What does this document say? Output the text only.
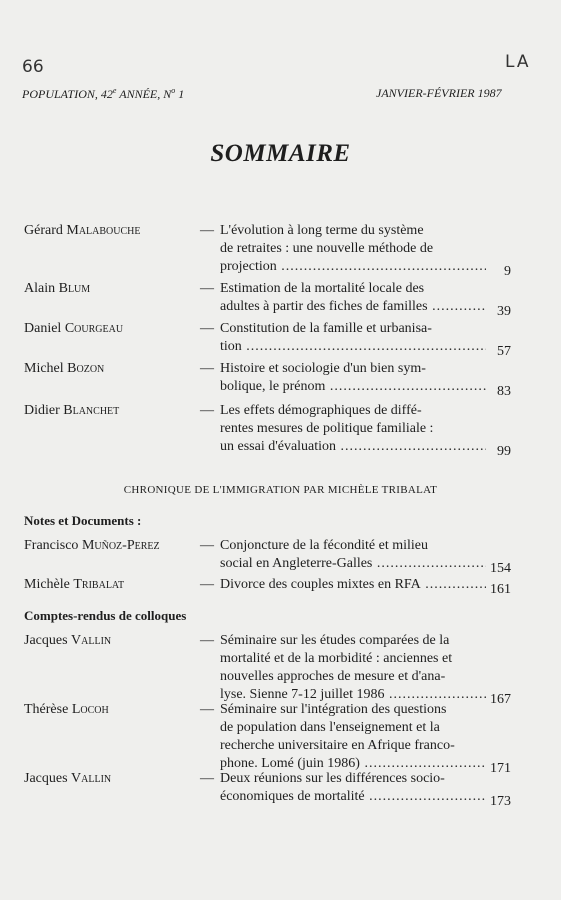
66	LA
POPULATION, 42e ANNÉE, $N^o$ 1	JANVIER-FÉVRIER 1987
SOMMAIRE
Gérard Malabouche	— L'évolution à long terme du système
de retraites : une nouvelle méthode de
projection .....	9
Alain Blum	— Estimation de la mortalité locale des
adultes à partir des fiches de familles .....	39
Daniel Courgeau	— Constitution de la famille et urbanisa-
tion .....	57
Michel Bozon	— Histoire et sociologie d'un bien sym-
bolique, le prénom .....	83
Didier Blanchet	— Les effets démographiques de diffé-
rentes mesures de politique familiale :
un essai d'évaluation .....	99
CHRONIQUE DE L'IMMIGRATION PAR MICHÈLE TRIBALAT
Notes et Documents :
Francisco Muñoz-Perez	— Conjoncture de la fécondité et milieu
social en Angleterre-Galles .....	154
Michèle Tribalat	— Divorce des couples mixtes en RFA .....	161
Comptes-rendus de colloques
Jacques Vallin	— Séminaire sur les études comparées de la
mortalité et de la morbidité : anciennes et
nouvelles approches de mesure et d'ana-
lyse. Sienne 7-12 juillet 1986 .....	167
Thérèse Locoh	— Séminaire sur l'intégration des questions
de population dans l'enseignement et la
recherche universitaire en Afrique franco-
phone. Lomé (juin 1986) .....	171
Jacques Vallin	— Deux réunions sur les différences socio-
économiques de mortalité .....	173
